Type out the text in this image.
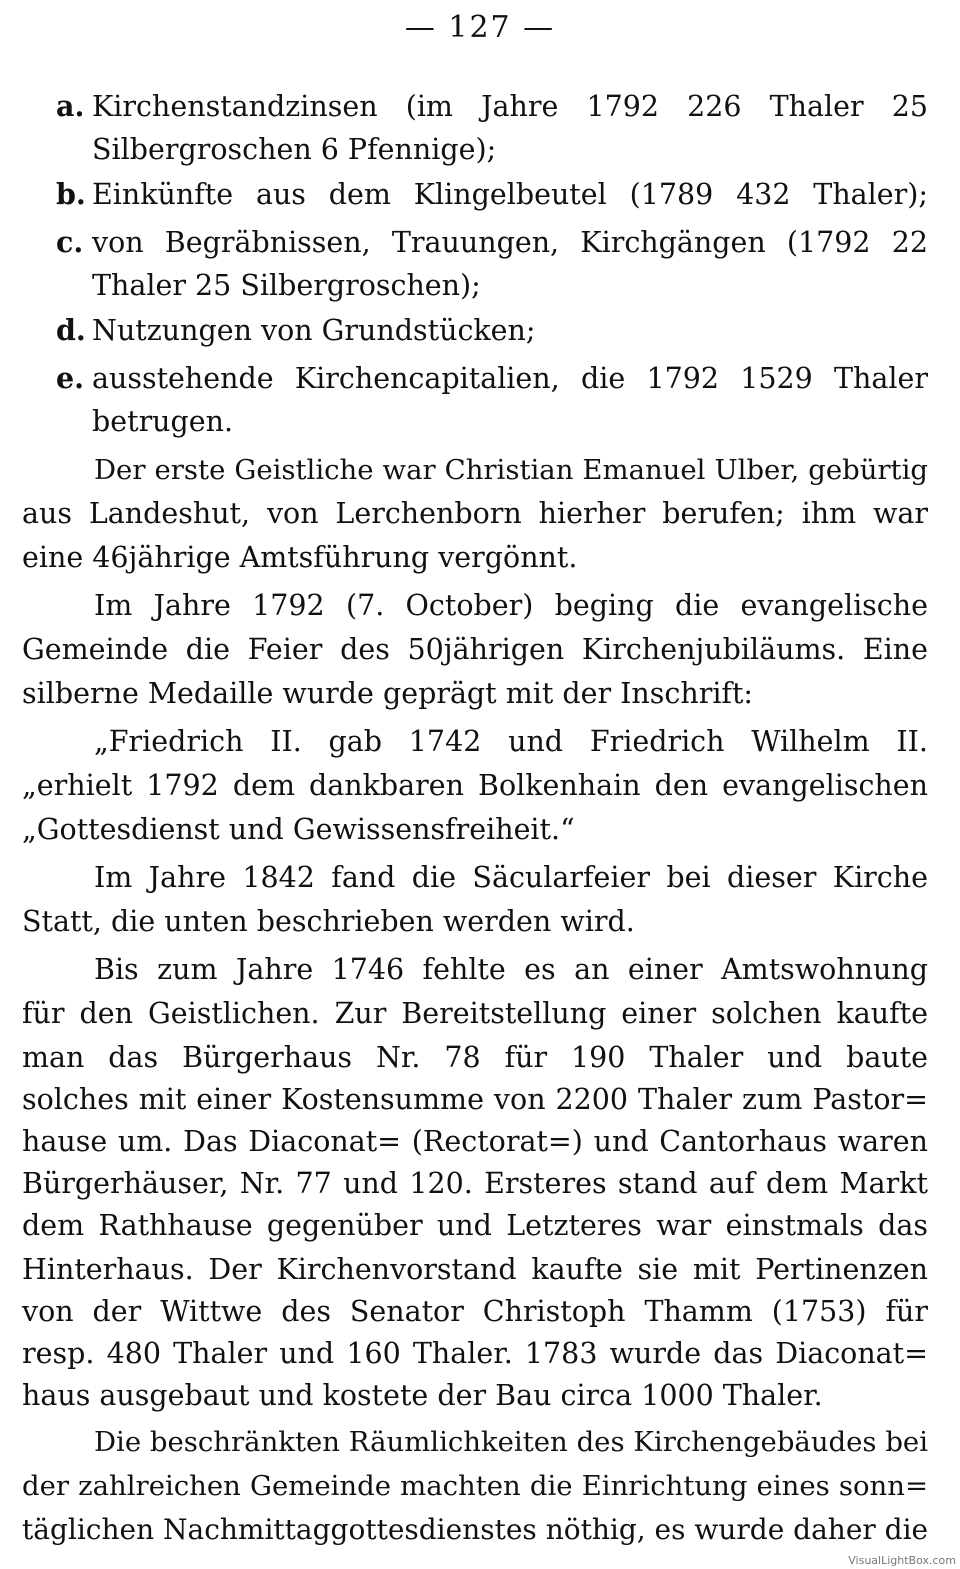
— 127 —
a. Kirchenstandzinsen (im Jahre 1792 226 Thaler 25
Silbergroschen 6 Pfennige);
b. Einkünfte aus dem Klingelbeutel (1789 432 Thaler);
c. von Begräbnissen, Trauungen, Kirchgängen (1792 22
Thaler 25 Silbergroschen);
d. Nutzungen von Grundstücken;
e. ausstehende Kirchencapitalien, die 1792 1529 Thaler
betrugen.
Der erste Geistliche war Christian Emanuel Ulber, gebürtig
aus Landeshut, von Lerchenborn hierher berufen; ihm war
eine 46jährige Amtsführung vergönnt.
Im Jahre 1792 (7. October) beging die evangelische
Gemeinde die Feier des 50jährigen Kirchenjubiläums. Eine
silberne Medaille wurde geprägt mit der Inschrift:
„Friedrich II. gab 1742 und Friedrich Wilhelm II.
„erhielt 1792 dem dankbaren Bolkenhain den evangelischen
„Gottesdienst und Gewissensfreiheit.“
Im Jahre 1842 fand die Säcularfeier bei dieser Kirche
Statt, die unten beschrieben werden wird.
Bis zum Jahre 1746 fehlte es an einer Amtswohnung
für den Geistlichen. Zur Bereitstellung einer solchen kaufte
man das Bürgerhaus Nr. 78 für 190 Thaler und baute
solches mit einer Kostensumme von 2200 Thaler zum Pastor=
hause um. Das Diaconat= (Rectorat=) und Cantorhaus waren
Bürgerhäuser, Nr. 77 und 120. Ersteres stand auf dem Markt
dem Rathhause gegenüber und Letzteres war einstmals das
Hinterhaus. Der Kirchenvorstand kaufte sie mit Pertinenzen
von der Wittwe des Senator Christoph Thamm (1753) für
resp. 480 Thaler und 160 Thaler. 1783 wurde das Diaconat=
haus ausgebaut und kostete der Bau circa 1000 Thaler.
Die beschränkten Räumlichkeiten des Kirchengebäudes bei
der zahlreichen Gemeinde machten die Einrichtung eines sonn=
täglichen Nachmittaggottesdienstes nöthig, es wurde daher die
VisualLightBox.com
